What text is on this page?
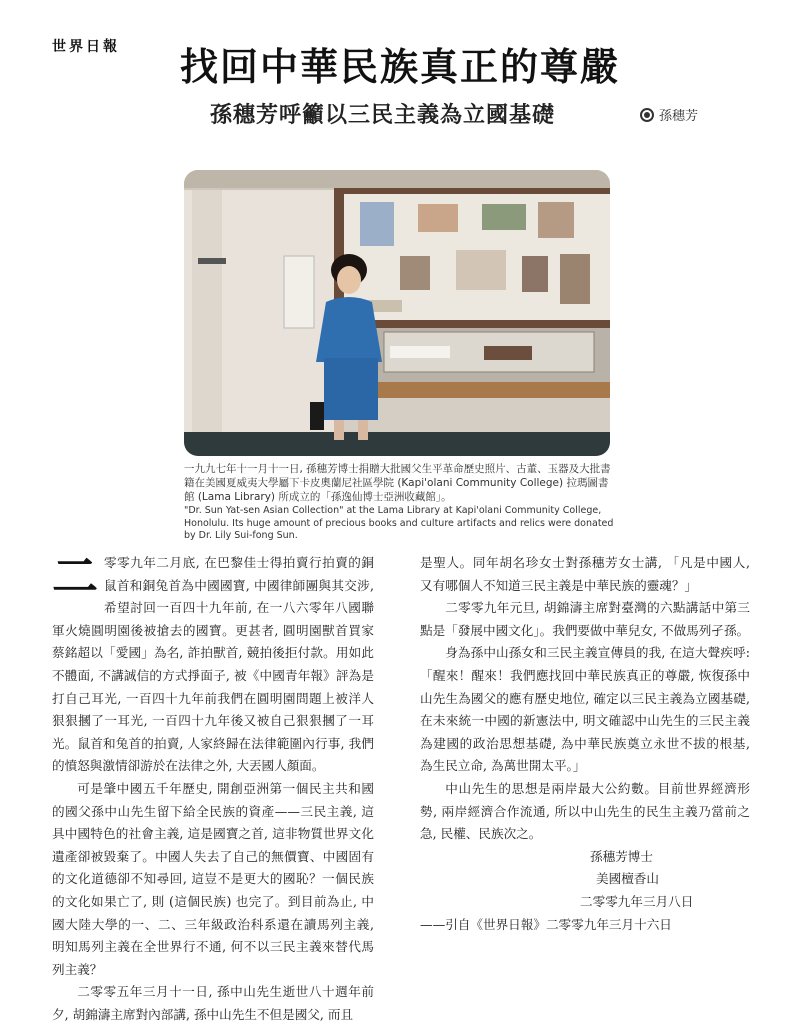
世界日報	找回中華民族真正的尊嚴
孫穗芳呼籲以三民主義為立國基礎	孫穗芳
一九九七年十一月十一日, 孫穗芳博士捐贈大批國父生平革命歷史照片、古董、玉器及大批書籍在美國夏威夷大學屬下卡皮奧蘭尼社區學院 (Kapi'olani Community College) 拉瑪圖書館 (Lama Library) 所成立的「孫逸仙博士亞洲收藏館」。
"Dr. Sun Yat-sen Asian Collection" at the Lama Library at Kapi'olani Community College, Honolulu. Its huge amount of precious books and culture artifacts and relics were donated by Dr. Lily Sui-fong Sun.

二零零九年二月底, 在巴黎佳士得拍賣行拍賣的銅鼠首和銅兔首為中國國寶, 中國律師團與其交涉, 希望討回一百四十九年前, 在一八六零年八國聯軍火燒圓明園後被搶去的國寶。更甚者, 圓明園獸首買家蔡銘超以「愛國」為名, 詐拍獸首, 競拍後拒付款。用如此不體面, 不講誠信的方式掙面子, 被《中國青年報》評為是打自己耳光, 一百四十九年前我們在圓明園問題上被洋人狠狠摑了一耳光, 一百四十九年後又被自己狠狠摑了一耳光。鼠首和兔首的拍賣, 人家終歸在法律範圍內行事, 我們的憤怒與激情卻游於在法律之外, 大丟國人顏面。

可是肇中國五千年歷史, 開創亞洲第一個民主共和國的國父孫中山先生留下給全民族的資產——三民主義, 這具中國特色的社會主義, 這是國寶之首, 這非物質世界文化遺產卻被毀棄了。中國人失去了自己的無價寶、中國固有的文化道德卻不知尋回, 這豈不是更大的國恥？一個民族的文化如果亡了, 則 (這個民族) 也完了。到目前為止, 中國大陸大學的一、二、三年級政治科系還在讀馬列主義, 明知馬列主義在全世界行不通, 何不以三民主義來替代馬列主義？

二零零五年三月十一日, 孫中山先生逝世八十週年前夕, 胡錦濤主席對內部講, 孫中山先生不但是國父, 而且

是聖人。同年胡名珍女士對孫穗芳女士講, 「凡是中國人, 又有哪個人不知道三民主義是中華民族的靈魂？」

二零零九年元旦, 胡錦濤主席對臺灣的六點講話中第三點是「發展中國文化」。我們要做中華兒女, 不做馬列孑孫。

身為孫中山孫女和三民主義宣傳員的我, 在這大聲疾呼: 「醒來！醒來！我們應找回中華民族真正的尊嚴, 恢復孫中山先生為國父的應有歷史地位, 確定以三民主義為立國基礎, 在未來統一中國的新憲法中, 明文確認中山先生的三民主義為建國的政治思想基礎, 為中華民族奠立永世不拔的根基, 為生民立命, 為萬世開太平。」

中山先生的思想是兩岸最大公約數。目前世界經濟形勢, 兩岸經濟合作流通, 所以中山先生的民生主義乃當前之急, 民權、民族次之。

孫穗芳博士

美國檀香山

二零零九年三月八日

——引自《世界日報》二零零九年三月十六日
